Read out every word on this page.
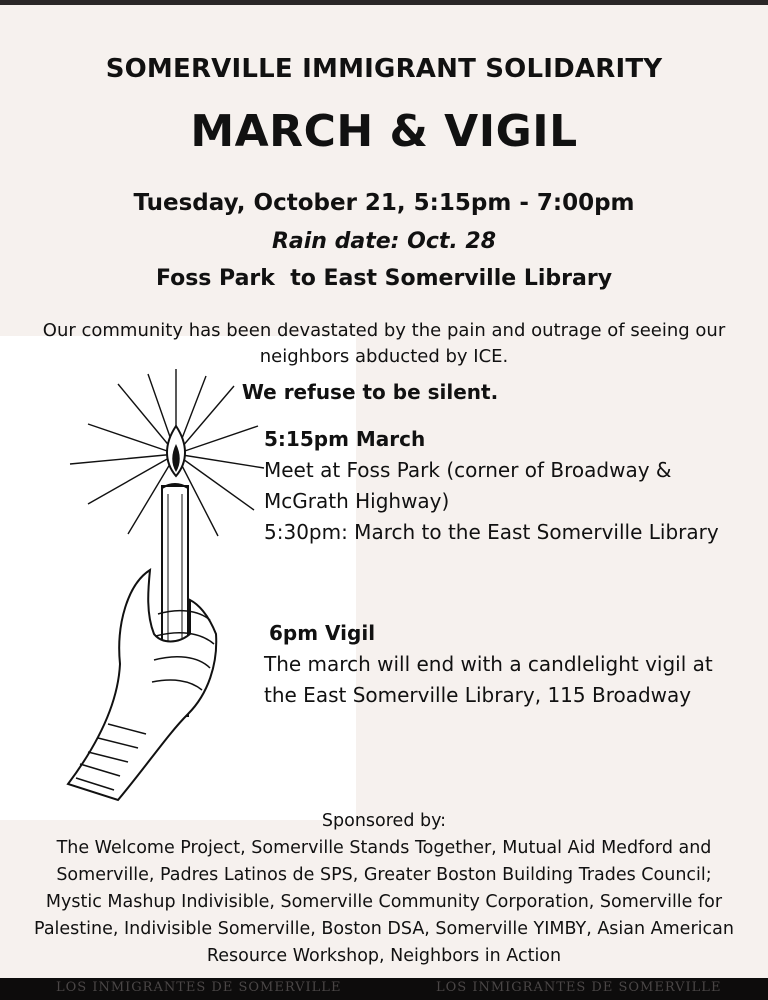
SOMERVILLE IMMIGRANT SOLIDARITY
MARCH & VIGIL
Tuesday, October 21, 5:15pm - 7:00pm
Rain date: Oct. 28
Foss Park  to East Somerville Library
Our community has been devastated by the pain and outrage of seeing our neighbors abducted by ICE.
We refuse to be silent.
5:15pm March
Meet at Foss Park (corner of Broadway & McGrath Highway)
5:30pm: March to the East Somerville Library
6pm Vigil
The march will end with a candlelight vigil at the East Somerville Library, 115 Broadway
Sponsored by:
The Welcome Project, Somerville Stands Together, Mutual Aid Medford and Somerville, Padres Latinos de SPS, Greater Boston Building Trades Council; Mystic Mashup Indivisible, Somerville Community Corporation, Somerville for Palestine, Indivisible Somerville, Boston DSA, Somerville YIMBY, Asian American Resource Workshop, Neighbors in Action
LOS INMIGRANTES DE SOMERVILLE	LOS INMIGRANTES DE SOMERVILLE
